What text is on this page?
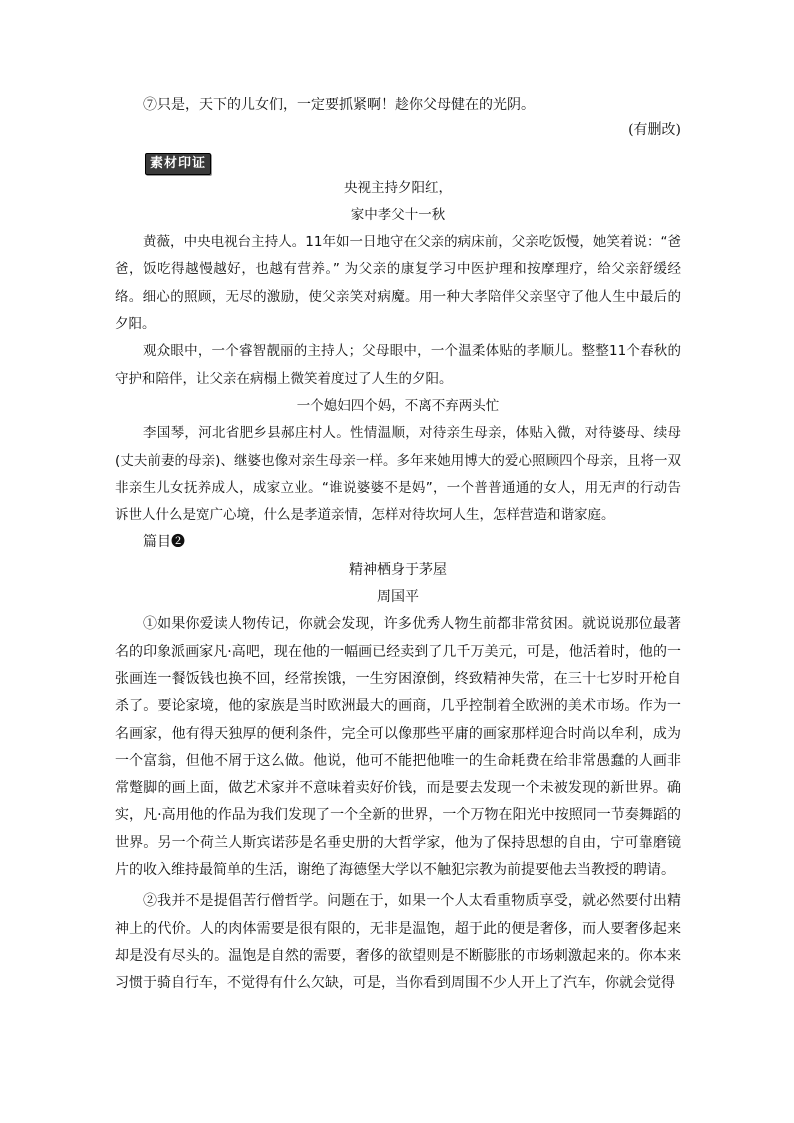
⑦只是，天下的儿女们，一定要抓紧啊！趁你父母健在的光阴。

(有删改)

素材印证

央视主持夕阳红，

家中孝父十一秋

黄薇，中央电视台主持人。11年如一日地守在父亲的病床前，父亲吃饭慢，她笑着说：“爸爸，饭吃得越慢越好，也越有营养。” 为父亲的康复学习中医护理和按摩理疗，给父亲舒缓经络。细心的照顾，无尽的激励，使父亲笑对病魔。用一种大孝陪伴父亲坚守了他人生中最后的夕阳。

观众眼中，一个睿智靓丽的主持人；父母眼中，一个温柔体贴的孝顺儿。整整11个春秋的守护和陪伴，让父亲在病榻上微笑着度过了人生的夕阳。

一个媳妇四个妈，不离不弃两头忙

李国琴，河北省肥乡县郝庄村人。性情温顺，对待亲生母亲，体贴入微，对待婆母、续母(丈夫前妻的母亲)、继婆也像对亲生母亲一样。多年来她用博大的爱心照顾四个母亲，且将一双非亲生儿女抚养成人，成家立业。“谁说婆婆不是妈”，一个普普通通的女人，用无声的行动告诉世人什么是宽广心境，什么是孝道亲情，怎样对待坎坷人生，怎样营造和谐家庭。

篇目❷

精神栖身于茅屋

周国平

①如果你爱读人物传记，你就会发现，许多优秀人物生前都非常贫困。就说说那位最著名的印象派画家凡·高吧，现在他的一幅画已经卖到了几千万美元，可是，他活着时，他的一张画连一餐饭钱也换不回，经常挨饿，一生穷困潦倒，终致精神失常，在三十七岁时开枪自杀了。要论家境，他的家族是当时欧洲最大的画商，几乎控制着全欧洲的美术市场。作为一名画家，他有得天独厚的便利条件，完全可以像那些平庸的画家那样迎合时尚以牟利，成为一个富翁，但他不屑于这么做。他说，他可不能把他唯一的生命耗费在给非常愚蠢的人画非常蹩脚的画上面，做艺术家并不意味着卖好价钱，而是要去发现一个未被发现的新世界。确实，凡·高用他的作品为我们发现了一个全新的世界，一个万物在阳光中按照同一节奏舞蹈的世界。另一个荷兰人斯宾诺莎是名垂史册的大哲学家，他为了保持思想的自由，宁可靠磨镜片的收入维持最简单的生活，谢绝了海德堡大学以不触犯宗教为前提要他去当教授的聘请。

②我并不是提倡苦行僧哲学。问题在于，如果一个人太看重物质享受，就必然要付出精神上的代价。人的肉体需要是很有限的，无非是温饱，超于此的便是奢侈，而人要奢侈起来却是没有尽头的。温饱是自然的需要，奢侈的欲望则是不断膨胀的市场刺激起来的。你本来习惯于骑自行车，不觉得有什么欠缺，可是，当你看到周围不少人开上了汽车，你就会觉得
